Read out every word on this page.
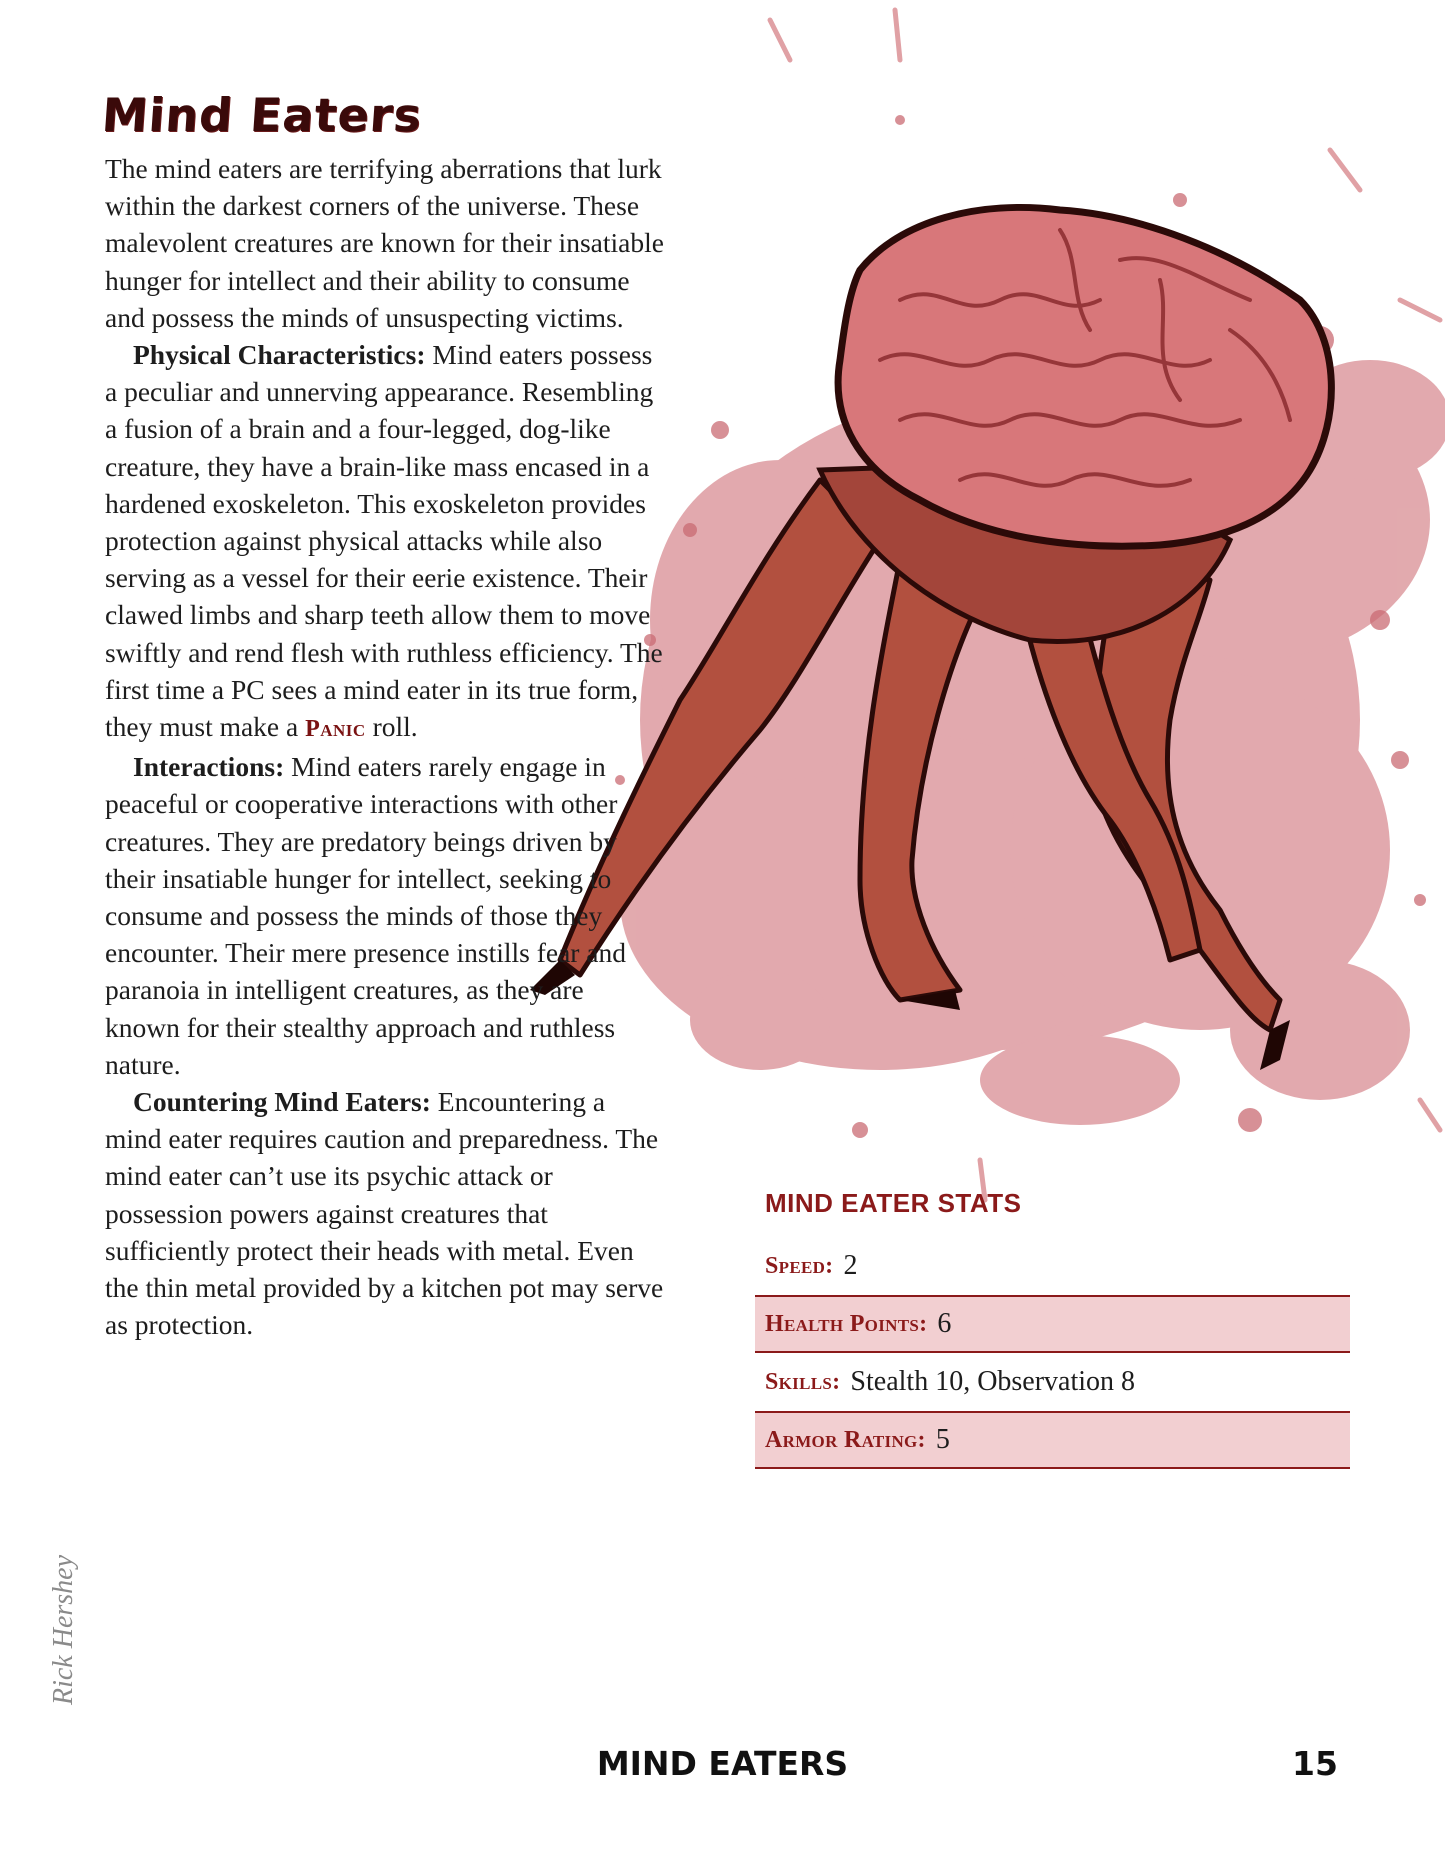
Mind Eaters

The mind eaters are terrifying aberrations that lurk within the darkest corners of the universe. These malevolent creatures are known for their insatiable hunger for intellect and their ability to consume and possess the minds of unsuspecting victims.

Physical Characteristics: Mind eaters possess a peculiar and unnerving appearance. Resembling a fusion of a brain and a four-legged, dog-like creature, they have a brain-like mass encased in a hardened exoskeleton. This exoskeleton provides protection against physical attacks while also serving as a vessel for their eerie existence. Their clawed limbs and sharp teeth allow them to move swiftly and rend flesh with ruthless efficiency. The first time a PC sees a mind eater in its true form, they must make a Panic roll.

Interactions: Mind eaters rarely engage in peaceful or cooperative interactions with other creatures. They are predatory beings driven by their insatiable hunger for intellect, seeking to consume and possess the minds of those they encounter. Their mere presence instills fear and paranoia in intelligent creatures, as they are known for their stealthy approach and ruthless nature.

Countering Mind Eaters: Encountering a mind eater requires caution and preparedness. The mind eater can’t use its psychic attack or possession powers against creatures that sufficiently protect their heads with metal. Even the thin metal provided by a kitchen pot may serve as protection.

MIND EATER STATS
Speed: 2
Health Points: 6
Skills: Stealth 10, Observation 8
Armor Rating: 5
Rick Hershey
MIND EATERS	15
